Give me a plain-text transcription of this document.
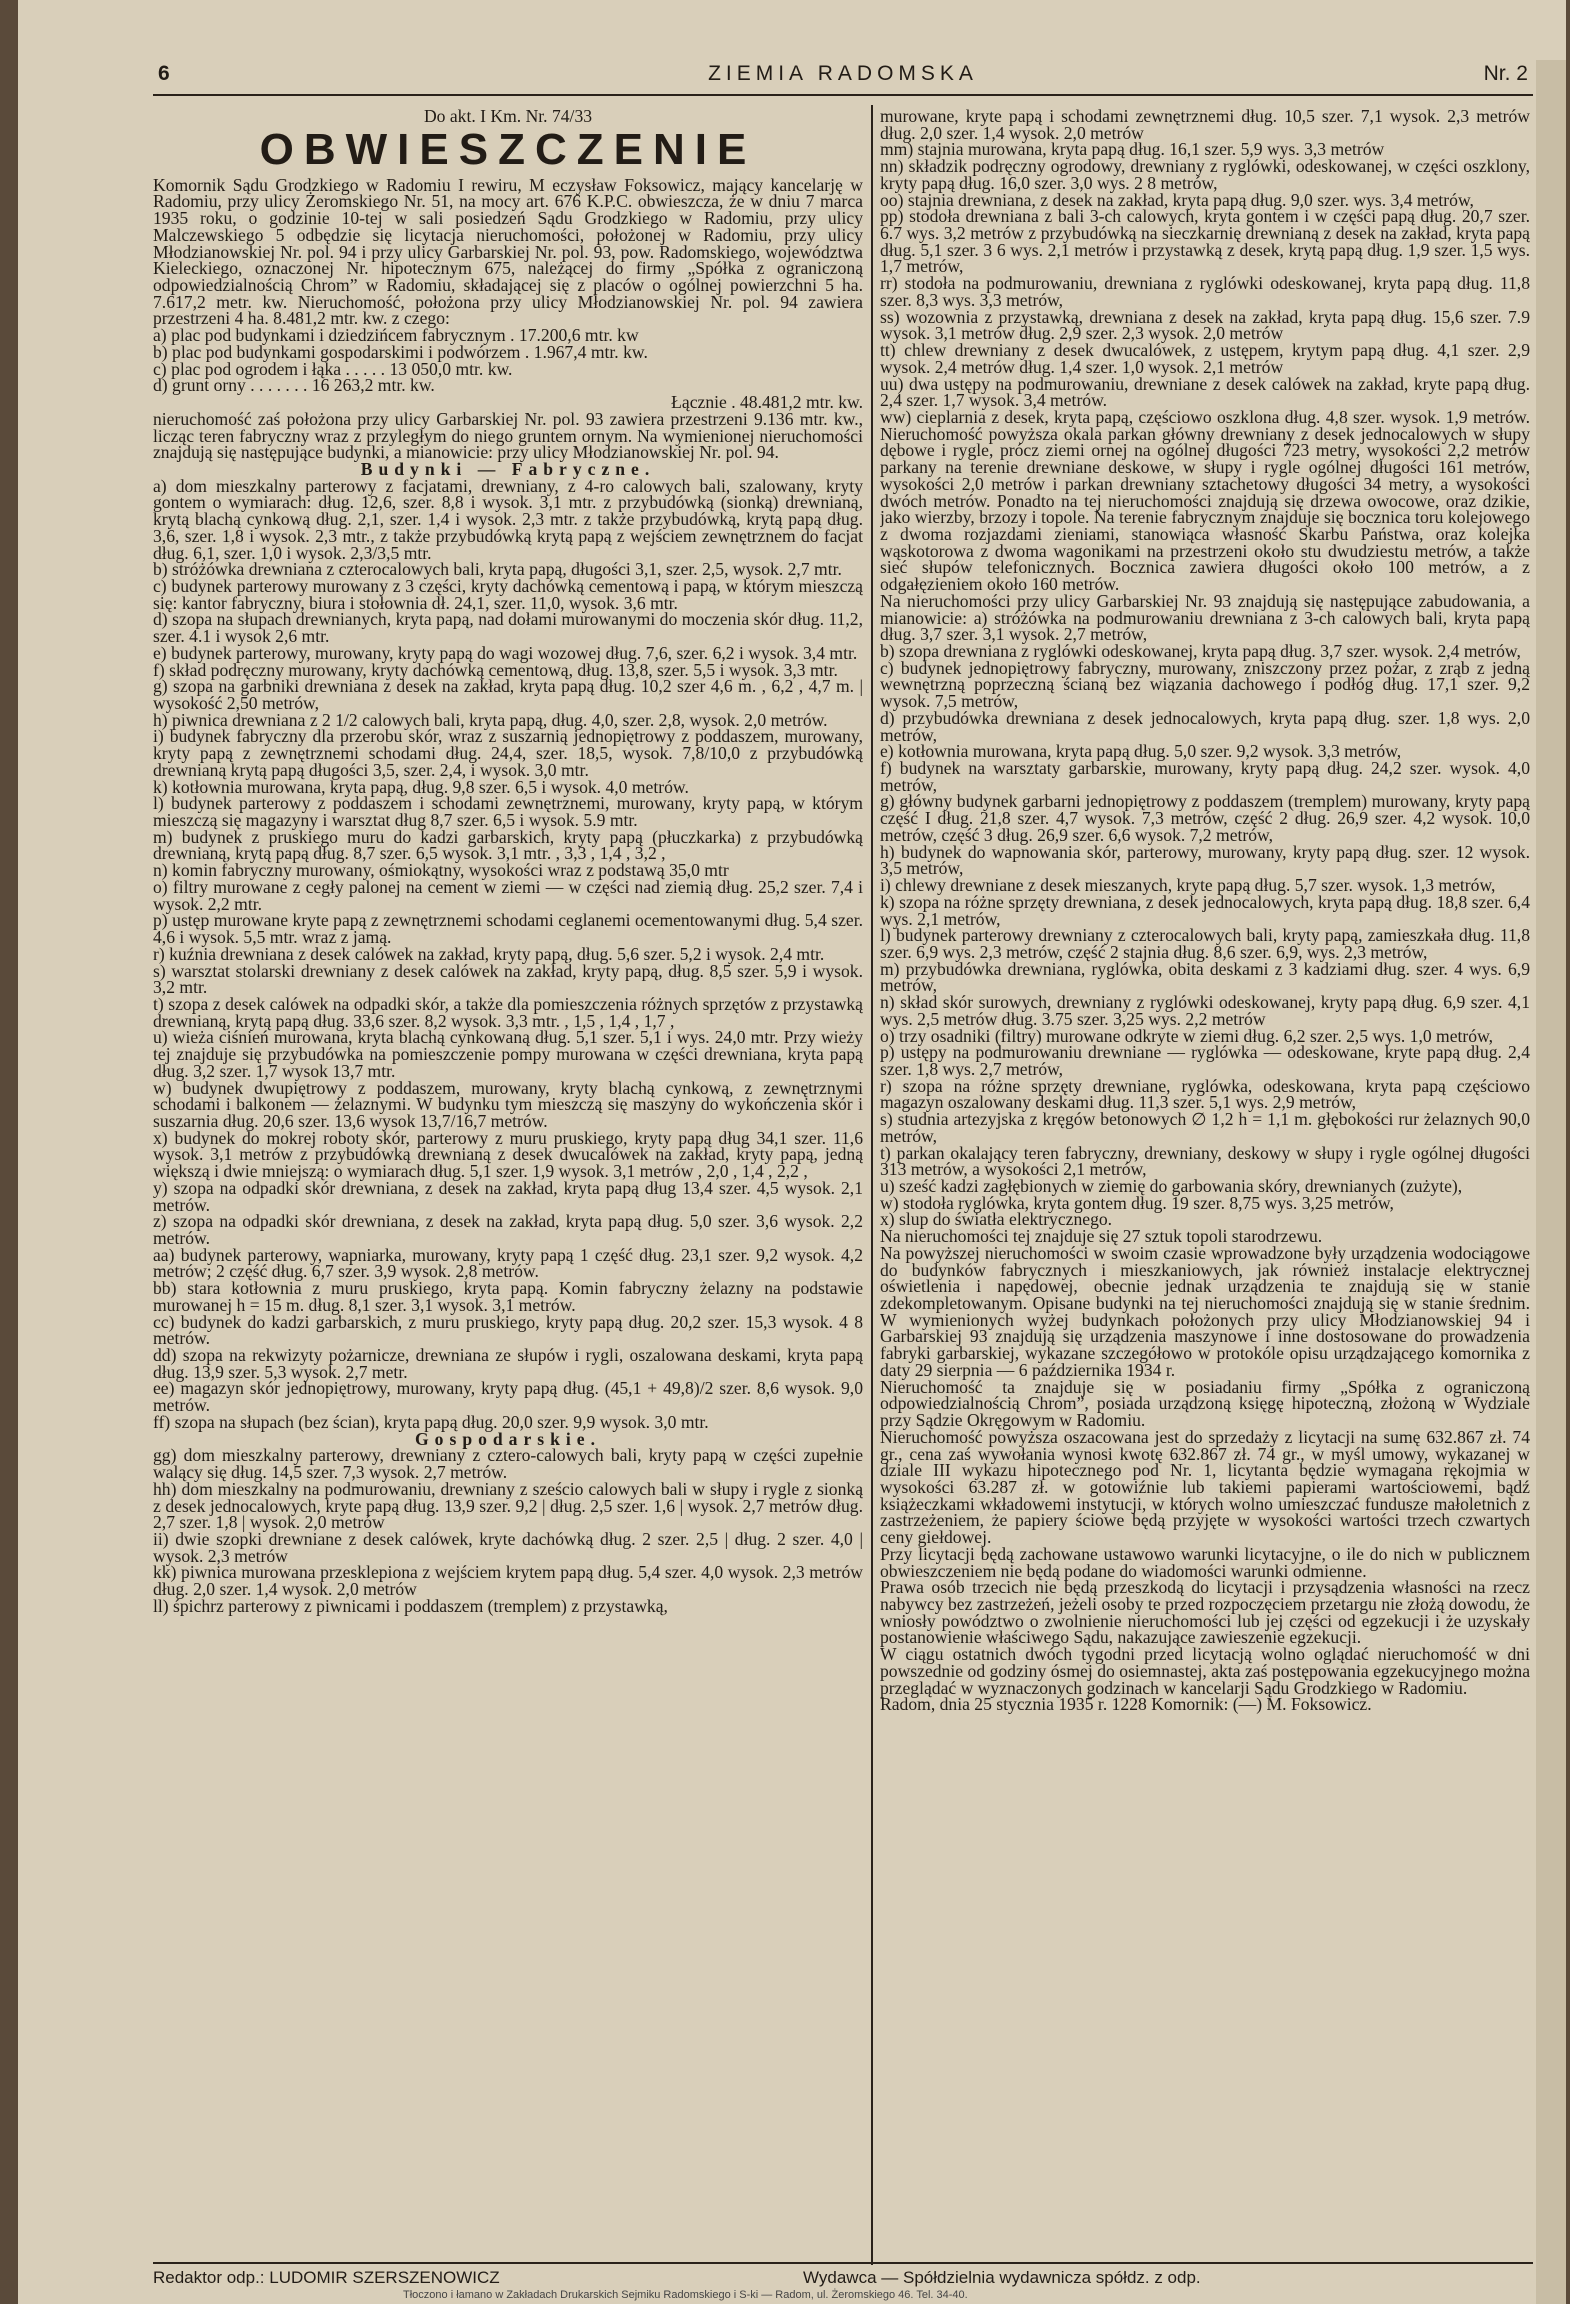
6	ZIEMIA RADOMSKA	Nr. 2

Do akt. I Km. Nr. 74/33

OBWIESZCZENIE

Komornik Sądu Grodzkiego w Radomiu I rewiru, M eczysław Foksowicz, mający kancelarję w Radomiu, przy ulicy Żeromskiego Nr. 51, na mocy art. 676 K.P.C. obwieszcza, że w dniu 7 marca 1935 roku, o godzinie 10-tej w sali posiedzeń Sądu Grodzkiego w Radomiu, przy ulicy Malczewskiego 5 odbędzie się licytacja nieruchomości, położonej w Radomiu, przy ulicy Młodzianowskiej Nr. pol. 94 i przy ulicy Garbarskiej Nr. pol. 93, pow. Radomskiego, województwa Kieleckiego, oznaczonej Nr. hipotecznym 675, należącej do firmy „Spółka z ograniczoną odpowiedzialnością Chrom” w Radomiu, składającej się z placów o ogólnej powierzchni 5 ha. 7.617,2 metr. kw. Nieruchomość, położona przy ulicy Młodzianowskiej Nr. pol. 94 zawiera przestrzeni 4 ha. 8.481,2 mtr. kw. z czego:

a) plac pod budynkami i dziedzińcem fabrycznym . 17.200,6 mtr. kw

b) plac pod budynkami gospodarskimi i podwórzem . 1.967,4 mtr. kw.

c) plac pod ogrodem i łąka . . . . . 13 050,0 mtr. kw.

d) grunt orny . . . . . . . 16 263,2 mtr. kw.

Łącznie . 48.481,2 mtr. kw.

nieruchomość zaś położona przy ulicy Garbarskiej Nr. pol. 93 zawiera przestrzeni 9.136 mtr. kw., licząc teren fabryczny wraz z przyległym do niego gruntem ornym. Na wymienionej nieruchomości znajdują się następujące budynki, a mianowicie: przy ulicy Młodzianowskiej Nr. pol. 94.

Budynki — Fabryczne.

a) dom mieszkalny parterowy z facjatami, drewniany, z 4-ro calowych bali, szalowany, kryty gontem o wymiarach: dług. 12,6, szer. 8,8 i wysok. 3,1 mtr. z przybudówką (sionką) drewnianą, krytą blachą cynkową dług. 2,1, szer. 1,4 i wysok. 2,3 mtr. z także przybudówką, krytą papą dług. 3,6, szer. 1,8 i wysok. 2,3 mtr., z także przybudówką krytą papą z wejściem zewnętrznem do facjat dług. 6,1, szer. 1,0 i wysok. 2,3/3,5 mtr.

b) stróżówka drewniana z czterocalowych bali, kryta papą, długości 3,1, szer. 2,5, wysok. 2,7 mtr.

c) budynek parterowy murowany z 3 części, kryty dachówką cementową i papą, w którym mieszczą się: kantor fabryczny, biura i stołownia dł. 24,1, szer. 11,0, wysok. 3,6 mtr.

d) szopa na słupach drewnianych, kryta papą, nad dołami murowanymi do moczenia skór dług. 11,2, szer. 4.1 i wysok 2,6 mtr.

e) budynek parterowy, murowany, kryty papą do wagi wozowej dług. 7,6, szer. 6,2 i wysok. 3,4 mtr.

f) skład podręczny murowany, kryty dachówką cementową, dług. 13,8, szer. 5,5 i wysok. 3,3 mtr.

g) szopa na garbniki drewniana z desek na zakład, kryta papą dług. 10,2 szer 4,6 m. , 6,2 , 4,7 m. | wysokość 2,50 metrów,

h) piwnica drewniana z 2 1/2 calowych bali, kryta papą, dług. 4,0, szer. 2,8, wysok. 2,0 metrów.

i) budynek fabryczny dla przerobu skór, wraz z suszarnią jednopiętrowy z poddaszem, murowany, kryty papą z zewnętrznemi schodami dług. 24,4, szer. 18,5, wysok. 7,8/10,0 z przybudówką drewnianą krytą papą długości 3,5, szer. 2,4, i wysok. 3,0 mtr.

k) kotłownia murowana, kryta papą, dług. 9,8 szer. 6,5 i wysok. 4,0 metrów.

l) budynek parterowy z poddaszem i schodami zewnętrznemi, murowany, kryty papą, w którym mieszczą się magazyny i warsztat dług 8,7 szer. 6,5 i wysok. 5.9 mtr.

m) budynek z pruskiego muru do kadzi garbarskich, kryty papą (płuczkarka) z przybudówką drewnianą, krytą papą dług. 8,7 szer. 6,5 wysok. 3,1 mtr. , 3,3 , 1,4 , 3,2 ,

n) komin fabryczny murowany, ośmiokątny, wysokości wraz z podstawą 35,0 mtr

o) filtry murowane z cegły palonej na cement w ziemi — w części nad ziemią dług. 25,2 szer. 7,4 i wysok. 2,2 mtr.

p) ustęp murowane kryte papą z zewnętrznemi schodami ceglanemi ocementowanymi dług. 5,4 szer. 4,6 i wysok. 5,5 mtr. wraz z jamą.

r) kuźnia drewniana z desek calówek na zakład, kryty papą, dług. 5,6 szer. 5,2 i wysok. 2,4 mtr.

s) warsztat stolarski drewniany z desek calówek na zakład, kryty papą, dług. 8,5 szer. 5,9 i wysok. 3,2 mtr.

t) szopa z desek calówek na odpadki skór, a także dla pomieszczenia różnych sprzętów z przystawką drewnianą, krytą papą dług. 33,6 szer. 8,2 wysok. 3,3 mtr. , 1,5 , 1,4 , 1,7 ,

u) wieża ciśnień murowana, kryta blachą cynkowaną dług. 5,1 szer. 5,1 i wys. 24,0 mtr. Przy wieży tej znajduje się przybudówka na pomieszczenie pompy murowana w części drewniana, kryta papą dług. 3,2 szer. 1,7 wysok 13,7 mtr.

w) budynek dwupiętrowy z poddaszem, murowany, kryty blachą cynkową, z zewnętrznymi schodami i balkonem — żelaznymi. W budynku tym mieszczą się maszyny do wykończenia skór i suszarnia dług. 20,6 szer. 13,6 wysok 13,7/16,7 metrów.

x) budynek do mokrej roboty skór, parterowy z muru pruskiego, kryty papą dług 34,1 szer. 11,6 wysok. 3,1 metrów z przybudówką drewnianą z desek dwucalówek na zakład, kryty papą, jedną większą i dwie mniejszą: o wymiarach dług. 5,1 szer. 1,9 wysok. 3,1 metrów , 2,0 , 1,4 , 2,2 ,

y) szopa na odpadki skór drewniana, z desek na zakład, kryta papą dług 13,4 szer. 4,5 wysok. 2,1 metrów.

z) szopa na odpadki skór drewniana, z desek na zakład, kryta papą dług. 5,0 szer. 3,6 wysok. 2,2 metrów.

aa) budynek parterowy, wapniarka, murowany, kryty papą 1 część dług. 23,1 szer. 9,2 wysok. 4,2 metrów; 2 część dług. 6,7 szer. 3,9 wysok. 2,8 metrów.

bb) stara kotłownia z muru pruskiego, kryta papą. Komin fabryczny żelazny na podstawie murowanej h = 15 m. dług. 8,1 szer. 3,1 wysok. 3,1 metrów.

cc) budynek do kadzi garbarskich, z muru pruskiego, kryty papą dług. 20,2 szer. 15,3 wysok. 4 8 metrów.

dd) szopa na rekwizyty pożarnicze, drewniana ze słupów i rygli, oszalowana deskami, kryta papą dług. 13,9 szer. 5,3 wysok. 2,7 metr.

ee) magazyn skór jednopiętrowy, murowany, kryty papą dług. (45,1 + 49,8)/2 szer. 8,6 wysok. 9,0 metrów.

ff) szopa na słupach (bez ścian), kryta papą dług. 20,0 szer. 9,9 wysok. 3,0 mtr.

Gospodarskie.

gg) dom mieszkalny parterowy, drewniany z cztero-calowych bali, kryty papą w części zupełnie walący się dług. 14,5 szer. 7,3 wysok. 2,7 metrów.

hh) dom mieszkalny na podmurowaniu, drewniany z sześcio calowych bali w słupy i rygle z sionką z desek jednocalowych, kryte papą dług. 13,9 szer. 9,2 | dług. 2,5 szer. 1,6 | wysok. 2,7 metrów dług. 2,7 szer. 1,8 | wysok. 2,0 metrów

ii) dwie szopki drewniane z desek calówek, kryte dachówką dług. 2 szer. 2,5 | dług. 2 szer. 4,0 | wysok. 2,3 metrów

kk) piwnica murowana przesklepiona z wejściem krytem papą dług. 5,4 szer. 4,0 wysok. 2,3 metrów dług. 2,0 szer. 1,4 wysok. 2,0 metrów

ll) śpichrz parterowy z piwnicami i poddaszem (tremplem) z przystawką,

murowane, kryte papą i schodami zewnętrznemi dług. 10,5 szer. 7,1 wysok. 2,3 metrów dług. 2,0 szer. 1,4 wysok. 2,0 metrów

mm) stajnia murowana, kryta papą dług. 16,1 szer. 5,9 wys. 3,3 metrów

nn) składzik podręczny ogrodowy, drewniany z ryglówki, odeskowanej, w części oszklony, kryty papą dług. 16,0 szer. 3,0 wys. 2 8 metrów,

oo) stajnia drewniana, z desek na zakład, kryta papą dług. 9,0 szer. wys. 3,4 metrów,

pp) stodoła drewniana z bali 3-ch calowych, kryta gontem i w części papą dług. 20,7 szer. 6.7 wys. 3,2 metrów z przybudówką na sieczkarnię drewnianą z desek na zakład, kryta papą dług. 5,1 szer. 3 6 wys. 2,1 metrów i przystawką z desek, krytą papą dług. 1,9 szer. 1,5 wys. 1,7 metrów,

rr) stodoła na podmurowaniu, drewniana z ryglówki odeskowanej, kryta papą dług. 11,8 szer. 8,3 wys. 3,3 metrów,

ss) wozownia z przystawką, drewniana z desek na zakład, kryta papą dług. 15,6 szer. 7.9 wysok. 3,1 metrów dług. 2,9 szer. 2,3 wysok. 2,0 metrów

tt) chlew drewniany z desek dwucalówek, z ustępem, krytym papą dług. 4,1 szer. 2,9 wysok. 2,4 metrów dług. 1,4 szer. 1,0 wysok. 2,1 metrów

uu) dwa ustępy na podmurowaniu, drewniane z desek calówek na zakład, kryte papą dług. 2,4 szer. 1,7 wysok. 3,4 metrów.

ww) cieplarnia z desek, kryta papą, częściowo oszklona dług. 4,8 szer. wysok. 1,9 metrów. Nieruchomość powyższa okala parkan główny drewniany z desek jednocalowych w słupy dębowe i rygle, prócz ziemi ornej na ogólnej długości 723 metry, wysokości 2,2 metrów parkany na terenie drewniane deskowe, w słupy i rygle ogólnej długości 161 metrów, wysokości 2,0 metrów i parkan drewniany sztachetowy długości 34 metry, a wysokości dwóch metrów. Ponadto na tej nieruchomości znajdują się drzewa owocowe, oraz dzikie, jako wierzby, brzozy i topole. Na terenie fabrycznym znajduje się bocznica toru kolejowego z dwoma rozjazdami zieniami, stanowiąca własność Skarbu Państwa, oraz kolejka wąskotorowa z dwoma wagonikami na przestrzeni około stu dwudziestu metrów, a także sieć słupów telefonicznych. Bocznica zawiera długości około 100 metrów, a z odgałęzieniem około 160 metrów.

Na nieruchomości przy ulicy Garbarskiej Nr. 93 znajdują się następujące zabudowania, a mianowicie: a) stróżówka na podmurowaniu drewniana z 3-ch calowych bali, kryta papą dług. 3,7 szer. 3,1 wysok. 2,7 metrów,

b) szopa drewniana z ryglówki odeskowanej, kryta papą dług. 3,7 szer. wysok. 2,4 metrów,

c) budynek jednopiętrowy fabryczny, murowany, zniszczony przez pożar, z zrąb z jedną wewnętrzną poprzeczną ścianą bez wiązania dachowego i podłóg dług. 17,1 szer. 9,2 wysok. 7,5 metrów,

d) przybudówka drewniana z desek jednocalowych, kryta papą dług. szer. 1,8 wys. 2,0 metrów,

e) kotłownia murowana, kryta papą dług. 5,0 szer. 9,2 wysok. 3,3 metrów,

f) budynek na warsztaty garbarskie, murowany, kryty papą dług. 24,2 szer. wysok. 4,0 metrów,

g) główny budynek garbarni jednopiętrowy z poddaszem (tremplem) murowany, kryty papą część I dług. 21,8 szer. 4,7 wysok. 7,3 metrów, część 2 dług. 26,9 szer. 4,2 wysok. 10,0 metrów, część 3 dług. 26,9 szer. 6,6 wysok. 7,2 metrów,

h) budynek do wapnowania skór, parterowy, murowany, kryty papą dług. szer. 12 wysok. 3,5 metrów,

i) chlewy drewniane z desek mieszanych, kryte papą dług. 5,7 szer. wysok. 1,3 metrów,

k) szopa na różne sprzęty drewniana, z desek jednocalowych, kryta papą dług. 18,8 szer. 6,4 wys. 2,1 metrów,

l) budynek parterowy drewniany z czterocalowych bali, kryty papą, zamieszkała dług. 11,8 szer. 6,9 wys. 2,3 metrów, część 2 stajnia dług. 8,6 szer. 6,9, wys. 2,3 metrów,

m) przybudówka drewniana, ryglówka, obita deskami z 3 kadziami dług. szer. 4 wys. 6,9 metrów,

n) skład skór surowych, drewniany z ryglówki odeskowanej, kryty papą dług. 6,9 szer. 4,1 wys. 2,5 metrów dług. 3.75 szer. 3,25 wys. 2,2 metrów

o) trzy osadniki (filtry) murowane odkryte w ziemi dług. 6,2 szer. 2,5 wys. 1,0 metrów,

p) ustępy na podmurowaniu drewniane — ryglówka — odeskowane, kryte papą dług. 2,4 szer. 1,8 wys. 2,7 metrów,

r) szopa na różne sprzęty drewniane, ryglówka, odeskowana, kryta papą częściowo magazyn oszalowany deskami dług. 11,3 szer. 5,1 wys. 2,9 metrów,

s) studnia artezyjska z kręgów betonowych ∅ 1,2 h = 1,1 m. głębokości rur żelaznych 90,0 metrów,

t) parkan okalający teren fabryczny, drewniany, deskowy w słupy i rygle ogólnej długości 313 metrów, a wysokości 2,1 metrów,

u) sześć kadzi zagłębionych w ziemię do garbowania skóry, drewnianych (zużyte),

w) stodoła ryglówka, kryta gontem dług. 19 szer. 8,75 wys. 3,25 metrów,

x) slup do światła elektrycznego.

Na nieruchomości tej znajduje się 27 sztuk topoli starodrzewu.

Na powyższej nieruchomości w swoim czasie wprowadzone były urządzenia wodociągowe do budynków fabrycznych i mieszkaniowych, jak również instalacje elektrycznej oświetlenia i napędowej, obecnie jednak urządzenia te znajdują się w stanie zdekompletowanym. Opisane budynki na tej nieruchomości znajdują się w stanie średnim. W wymienionych wyżej budynkach położonych przy ulicy Młodzianowskiej 94 i Garbarskiej 93 znajdują się urządzenia maszynowe i inne dostosowane do prowadzenia fabryki garbarskiej, wykazane szczegółowo w protokóle opisu urządzającego komornika z daty 29 sierpnia — 6 października 1934 r.

Nieruchomość ta znajduje się w posiadaniu firmy „Spółka z ograniczoną odpowiedzialnością Chrom”, posiada urządzoną księgę hipoteczną, złożoną w Wydziale przy Sądzie Okręgowym w Radomiu.

Nieruchomość powyższa oszacowana jest do sprzedaży z licytacji na sumę 632.867 zł. 74 gr., cena zaś wywołania wynosi kwotę 632.867 zł. 74 gr., w myśl umowy, wykazanej w dziale III wykazu hipotecznego pod Nr. 1, licytanta będzie wymagana rękojmia w wysokości 63.287 zł. w gotowiźnie lub takiemi papierami wartościowemi, bądź książeczkami wkładowemi instytucji, w których wolno umieszczać fundusze małoletnich z zastrzeżeniem, że papiery ściowe będą przyjęte w wysokości wartości trzech czwartych ceny giełdowej.

Przy licytacji będą zachowane ustawowo warunki licytacyjne, o ile do nich w publicznem obwieszczeniem nie będą podane do wiadomości warunki odmienne.

Prawa osób trzecich nie będą przeszkodą do licytacji i przysądzenia własności na rzecz nabywcy bez zastrzeżeń, jeżeli osoby te przed rozpoczęciem przetargu nie złożą dowodu, że wniosły powództwo o zwolnienie nieruchomości lub jej części od egzekucji i że uzyskały postanowienie właściwego Sądu, nakazujące zawieszenie egzekucji.

W ciągu ostatnich dwóch tygodni przed licytacją wolno oglądać nieruchomość w dni powszednie od godziny ósmej do osiemnastej, akta zaś postępowania egzekucyjnego można przeglądać w wyznaczonych godzinach w kancelarji Sądu Grodzkiego w Radomiu.

Radom, dnia 25 stycznia 1935 r. 1228 Komornik: (—) M. Foksowicz.

Redaktor odp.: LUDOMIR SZERSZENOWICZ	Wydawca — Spółdzielnia wydawnicza spółdz. z odp.
Tłoczono i łamano w Zakładach Drukarskich Sejmiku Radomskiego i S-ki — Radom, ul. Żeromskiego 46. Tel. 34-40.
